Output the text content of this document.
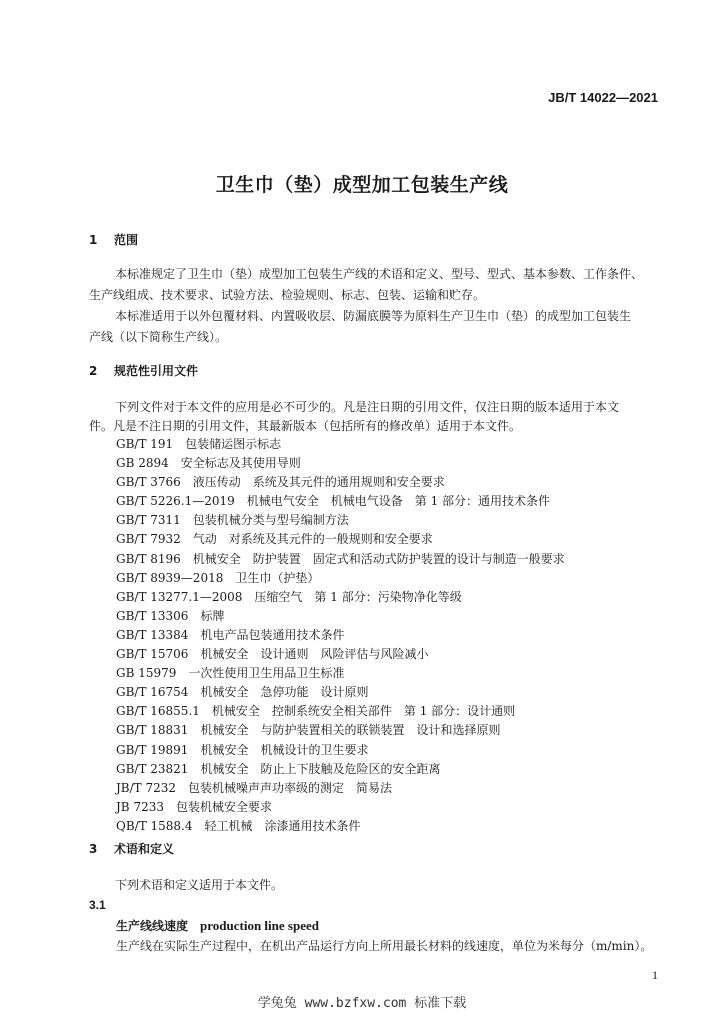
JB/T 14022—2021
卫生巾（垫）成型加工包装生产线
1 范围
本标准规定了卫生巾（垫）成型加工包装生产线的术语和定义、型号、型式、基本参数、工作条件、
生产线组成、技术要求、试验方法、检验规则、标志、包装、运输和贮存。
本标准适用于以外包覆材料、内置吸收层、防漏底膜等为原料生产卫生巾（垫）的成型加工包装生
产线（以下简称生产线）。
2 规范性引用文件
下列文件对于本文件的应用是必不可少的。凡是注日期的引用文件，仅注日期的版本适用于本文
件。凡是不注日期的引用文件，其最新版本（包括所有的修改单）适用于本文件。
GB/T 191　包装储运图示标志
GB 2894　安全标志及其使用导则
GB/T 3766　液压传动　系统及其元件的通用规则和安全要求
GB/T 5226.1—2019　机械电气安全　机械电气设备　第 1 部分：通用技术条件
GB/T 7311　包装机械分类与型号编制方法
GB/T 7932　气动　对系统及其元件的一般规则和安全要求
GB/T 8196　机械安全　防护装置　固定式和活动式防护装置的设计与制造一般要求
GB/T 8939—2018　卫生巾（护垫）
GB/T 13277.1—2008　压缩空气　第 1 部分：污染物净化等级
GB/T 13306　标牌
GB/T 13384　机电产品包装通用技术条件
GB/T 15706　机械安全　设计通则　风险评估与风险减小
GB 15979　一次性使用卫生用品卫生标准
GB/T 16754　机械安全　急停功能　设计原则
GB/T 16855.1　机械安全　控制系统安全相关部件　第 1 部分：设计通则
GB/T 18831　机械安全　与防护装置相关的联锁装置　设计和选择原则
GB/T 19891　机械安全　机械设计的卫生要求
GB/T 23821　机械安全　防止上下肢触及危险区的安全距离
JB/T 7232　包装机械噪声声功率级的测定　简易法
JB 7233　包装机械安全要求
QB/T 1588.4　轻工机械　涂漆通用技术条件
3 术语和定义
下列术语和定义适用于本文件。
3.1
生产线线速度 production line speed
生产线在实际生产过程中，在机出产品运行方向上所用最长材料的线速度，单位为米每分（m/min）。
1
学兔兔 www.bzfxw.com 标准下载
